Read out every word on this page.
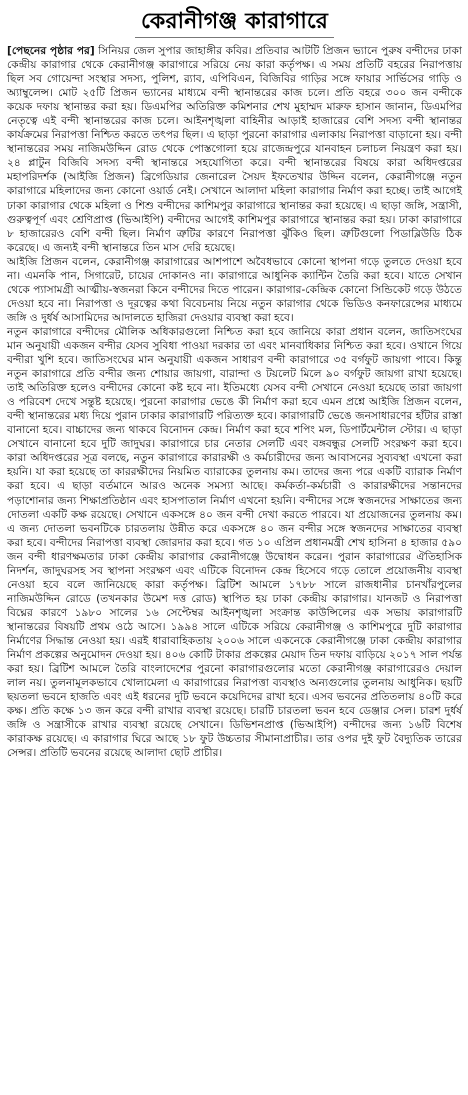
কেরানীগঞ্জ কারাগারে

[পেছনের পৃষ্ঠার পর] সিনিয়র জেল সুপার জাহাঙ্গীর কবির। প্রতিবার আটটি প্রিজন ভ্যানে পুরুষ বন্দীদের ঢাকা কেন্দ্রীয় কারাগার থেকে কেরানীগঞ্জ কারাগারে সরিয়ে নেয় কারা কর্তৃপক্ষ। এ সময় প্রতিটি বহরের নিরাপত্তায় ছিল সব গোয়েন্দা সংস্থার সদস্য, পুলিশ, র‌্যাব, এপিবিএন, বিজিবির গাড়ির সঙ্গে ফায়ার সার্ভিসের গাড়ি ও অ্যাম্বুলেন্স। মোট ২৫টি প্রিজন ভ্যানের মাধ্যমে বন্দী স্থানান্তরের কাজ চলে। প্রতি বহরে ৩০০ জন বন্দীকে কয়েক দফায় স্থানান্তর করা হয়। ডিএমপির অতিরিক্ত কমিশনার শেখ মুহাম্মদ মারুফ হাসান জানান, ডিএমপির নেতৃত্বে এই বন্দী স্থানান্তরের কাজ চলে। আইনশৃঙ্খলা বাহিনীর আড়াই হাজারের বেশি সদস্য বন্দী স্থানান্তর কার্যক্রমের নিরাপত্তা নিশ্চিত করতে তৎপর ছিল। এ ছাড়া পুরনো কারাগার এলাকায় নিরাপত্তা বাড়ানো হয়। বন্দী স্থানান্তরের সময় নাজিমউদ্দিন রোড থেকে পোস্তগোলা হয়ে রাজেন্দ্রপুরে যানবাহন চলাচল নিয়ন্ত্রণ করা হয়। ২৪ প্লাটুন বিজিবি সদস্য বন্দী স্থানান্তরে সহযোগিতা করে। বন্দী স্থানান্তরের বিষয়ে কারা অধিদপ্তরের মহাপরিদর্শক (আইজি প্রিজন) ব্রিগেডিয়ার জেনারেল সৈয়দ ইফতেখার উদ্দিন বলেন, কেরানীগঞ্জে নতুন কারাগারে মহিলাদের জন্য কোনো ওয়ার্ড নেই। সেখানে আলাদা মহিলা কারাগার নির্মাণ করা হচ্ছে। তাই আগেই ঢাকা কারাগার থেকে মহিলা ও শিশু বন্দীদের কাশিমপুর কারাগারে স্থানান্তর করা হয়েছে। এ ছাড়া জঙ্গি, সন্ত্রাসী, গুরুত্বপূর্ণ এবং শ্রেণিপ্রাপ্ত (ভিআইপি) বন্দীদের আগেই কাশিমপুর কারাগারে স্থানান্তর করা হয়। ঢাকা কারাগারে ৮ হাজারেরও বেশি বন্দী ছিল। নির্মাণ ত্রুটির কারণে নিরাপত্তা ঝুঁকিও ছিল। ত্রুটিগুলো পিডাব্লিউডি ঠিক করেছে। এ জন্যই বন্দী স্থানান্তরে তিন মাস দেরি হয়েছে।

আইজি প্রিজন বলেন, কেরানীগঞ্জ কারাগারের আশপাশে অবৈধভাবে কোনো স্থাপনা গড়ে তুলতে দেওয়া হবে না। এমনকি পান, সিগারেট, চায়ের দোকানও না। কারাগারে আধুনিক ক্যান্টিন তৈরি করা হবে। যাতে সেখান থেকে প্যাসামগ্রী আত্মীয়-স্বজনরা কিনে বন্দীদের দিতে পারেন। কারাগার-কেন্দ্রিক কোনো সিন্ডিকেট গড়ে উঠতে দেওয়া হবে না। নিরাপত্তা ও দূরত্বের কথা বিবেচনায় নিয়ে নতুন কারাগার থেকে ভিডিও কনফারেন্সের মাধ্যমে জঙ্গি ও দুর্ধর্ষ আসামিদের আদালতে হাজিরা দেওয়ার ব্যবস্থা করা হবে।

নতুন কারাগারে বন্দীদের মৌলিক অধিকারগুলো নিশ্চিত করা হবে জানিয়ে কারা প্রধান বলেন, জাতিসংঘের মান অনুযায়ী একজন বন্দীর যেসব সুবিধা পাওয়া দরকার তা এবং মানবাধিকার নিশ্চিত করা হবে। ওখানে গিয়ে বন্দীরা খুশি হবে। জাতিসংঘের মান অনুযায়ী একজন সাধারণ বন্দী কারাগারে ৩৫ বর্গফুট জায়গা পাবে। কিন্তু নতুন কারাগারে প্রতি বন্দীর জন্য শোয়ার জায়গা, বারান্দা ও টয়লেট মিলে ৯০ বর্গফুট জায়গা রাখা হয়েছে। তাই অতিরিক্ত হলেও বন্দীদের কোনো কষ্ট হবে না। ইতিমধ্যে যেসব বন্দী সেখানে নেওয়া হয়েছে তারা জায়গা ও পরিবেশ দেখে সন্তুষ্ট হয়েছে। পুরনো কারাগার ভেঙে কী নির্মাণ করা হবে এমন প্রশ্নে আইজি প্রিজন বলেন, বন্দী স্থানান্তরের মধ্য দিয়ে পুরান ঢাকার কারাগারটি পরিত্যক্ত হবে। কারাগারটি ভেঙে জনসাধারণের হাঁটার রাস্তা বানানো হবে। বাচ্চাদের জন্য থাকবে বিনোদন কেন্দ্র। নির্মাণ করা হবে শপিং মল, ডিপার্টমেন্টাল স্টোর। এ ছাড়া সেখানে বানানো হবে দুটি জাদুঘর। কারাগারে চার নেতার সেলটি এবং বঙ্গবন্ধুর সেলটি সংরক্ষণ করা হবে। কারা অধিদপ্তরের সূত্র বলছে, নতুন কারাগারে কারারক্ষী ও কর্মচারীদের জন্য আবাসনের সুব্যবস্থা এখনো করা হয়নি। যা করা হয়েছে তা কাররক্ষীদের নিয়মিত ব্যারাকের তুলনায় কম। তাদের জন্য পরে একটি ব্যারাক নির্মাণ করা হবে। এ ছাড়া বর্তমানে আরও অনেক সমস্যা আছে। কর্মকর্তা-কর্মচারী ও কারারক্ষীদের সন্তানদের পড়াশোনার জন্য শিক্ষাপ্রতিষ্ঠান এবং হাসপাতাল নির্মাণ এখনো হয়নি। বন্দীদের সঙ্গে স্বজনদের সাক্ষাতের জন্য দোতলা একটি কক্ষ রয়েছে। সেখানে একসঙ্গে ৪০ জন বন্দী দেখা করতে পারবে। যা প্রয়োজনের তুলনায় কম। এ জন্য দোতলা ভবনটিকে চারতলায় উন্নীত করে একসঙ্গে ৪০ জন বন্দীর সঙ্গে স্বজনদের সাক্ষাতের ব্যবস্থা করা হবে। বন্দীদের নিরাপত্তা ব্যবস্থা জোরদার করা হবে। গত ১০ এপ্রিল প্রধানমন্ত্রী শেখ হাসিনা ৪ হাজার ৫৯০ জন বন্দী ধারণক্ষমতার ঢাকা কেন্দ্রীয় কারাগার কেরানীগঞ্জে উদ্বোধন করেন। পুরান কারাগারের ঐতিহাসিক নিদর্শন, জাদুঘরসহ সব স্থাপনা সংরক্ষণ এবং এটিকে বিনোদন কেন্দ্র হিসেবে গড়ে তোলে প্রয়োজনীয় ব্যবস্থা নেওয়া হবে বলে জানিয়েছে কারা কর্তৃপক্ষ। ব্রিটিশ আমলে ১৭৮৮ সালে রাজধানীর চানখাঁরপুলের নাজিমউদ্দিন রোডে (তখনকার উমেশ দত্ত রোড) স্থাপিত হয় ঢাকা কেন্দ্রীয় কারাগার। যানজট ও নিরাপত্তা বিঘ্নের কারণে ১৯৮০ সালের ১৬ সেপ্টেম্বর আইনশৃঙ্খলা সংক্রান্ত কাউন্সিলের এক সভায় কারাগারটি স্থানান্তরের বিষয়টি প্রথম ওঠে আসে। ১৯৯৪ সালে এটিকে সরিয়ে কেরানীগঞ্জ ও কাশিমপুরে দুটি কারাগার নির্মাণের সিদ্ধান্ত নেওয়া হয়। এরই ধারাবাহিকতায় ২০০৬ সালে একনেকে কেরানীগঞ্জে ঢাকা কেন্দ্রীয় কারাগার নির্মাণ প্রকল্পের অনুমোদন দেওয়া হয়। ৪০৬ কোটি টাকার প্রকল্পের মেয়াদ তিন দফায় বাড়িয়ে ২০১৭ সাল পর্যন্ত করা হয়। ব্রিটিশ আমলে তৈরি বাংলাদেশের পুরনো কারাগারগুলোর মতো কেরানীগঞ্জ কারাগারেরও দেয়াল লাল নয়। তুলনামূলকভাবে খোলামেলা এ কারাগারের নিরাপত্তা ব্যবস্থাও অন্যগুলোর তুলনায় আধুনিক। ছয়টি ছয়তলা ভবনে হাজতি এবং এই ধরনের দুটি ভবনে কয়েদিদের রাখা হবে। এসব ভবনের প্রতিতলায় ৪০টি করে কক্ষ। প্রতি কক্ষে ১৩ জন করে বন্দী রাখার ব্যবস্থা রয়েছে। চারটি চারতলা ভবন হবে ডেঞ্জার সেল। চারশ দুর্ধর্ষ জঙ্গি ও সন্ত্রাসীকে রাখার ব্যবস্থা রয়েছে সেখানে। ডিভিশনপ্রাপ্ত (ভিআইপি) বন্দীদের জন্য ১৬টি বিশেষ কারাকক্ষ রয়েছে। এ কারাগার ঘিরে আছে ১৮ ফুট উচ্চতার সীমানাপ্রাচীর। তার ওপর দুই ফুট বৈদ্যুতিক তারের সেন্সর। প্রতিটি ভবনের রয়েছে আলাদা ছোট প্রাচীর।
